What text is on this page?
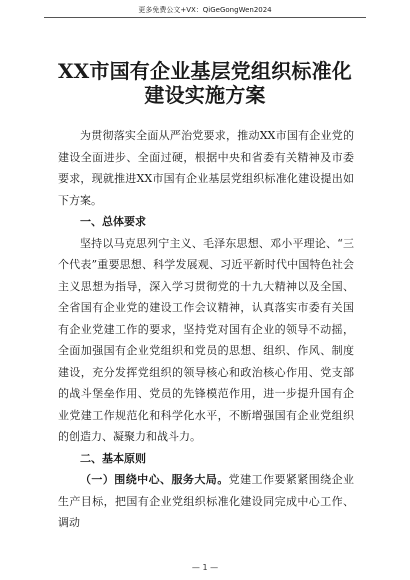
更多免费公文+VX：QiGeGongWen2024
XX市国有企业基层党组织标准化建设实施方案

为贯彻落实全面从严治党要求，推动XX市国有企业党的建设全面进步、全面过硬，根据中央和省委有关精神及市委要求，现就推进XX市国有企业基层党组织标准化建设提出如下方案。

一、总体要求

坚持以马克思列宁主义、毛泽东思想、邓小平理论、“三个代表”重要思想、科学发展观、习近平新时代中国特色社会主义思想为指导，深入学习贯彻党的十九大精神以及全国、全省国有企业党的建设工作会议精神，认真落实市委有关国有企业党建工作的要求，坚持党对国有企业的领导不动摇，全面加强国有企业党组织和党员的思想、组织、作风、制度建设，充分发挥党组织的领导核心和政治核心作用、党支部的战斗堡垒作用、党员的先锋模范作用，进一步提升国有企业党建工作规范化和科学化水平，不断增强国有企业党组织的创造力、凝聚力和战斗力。

二、基本原则

（一）围绕中心、服务大局。党建工作要紧紧围绕企业生产目标，把国有企业党组织标准化建设同完成中心工作、调动

— 1 —
